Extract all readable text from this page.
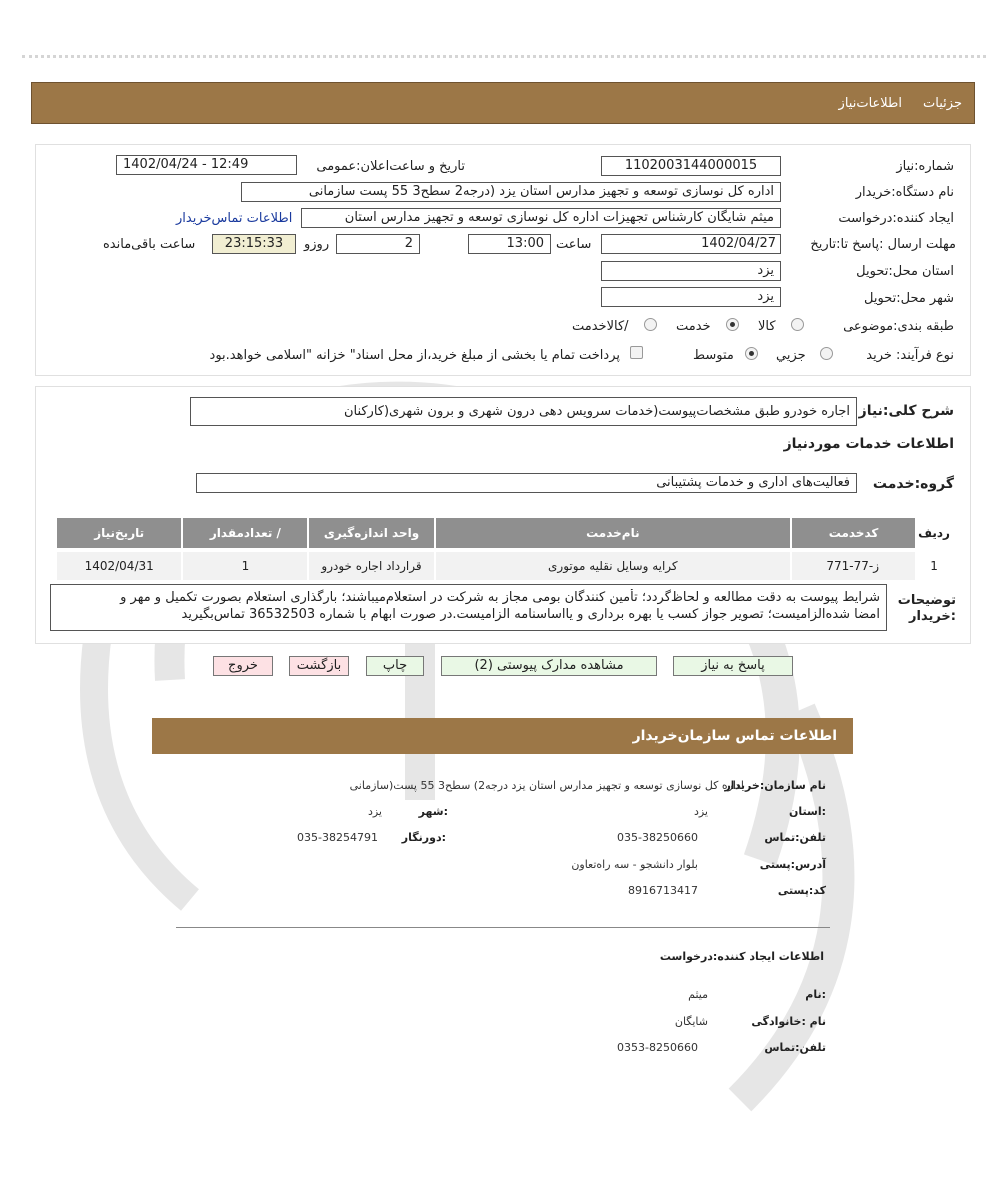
جزئیات
اطلاعات‌نیاز
شماره:نیاز
1102003144000015
تاریخ و ساعت‌اعلان:عمومی
1402/04/24 - 12:49
نام دستگاه:خریدار
اداره کل نوسازی توسعه و تجهیز مدارس استان یزد (درجه2 سطح3 55 پست سازمانی
ایجاد کننده:درخواست
میثم شایگان کارشناس تجهیزات اداره کل نوسازی توسعه و تجهیز مدارس استان
اطلاعات تماس‌خریدار
مهلت ارسال :پاسخ تا:تاریخ
1402/04/27
ساعت
13:00
2
روزو
23:15:33
ساعت باقی‌مانده
استان محل:تحویل
یزد
شهر محل:تحویل
یزد
طبقه بندی:موضوعی
کالا
خدمت
/کالاخدمت
نوع فرآیند: خرید
جزیي
متوسط
پرداخت تمام یا بخشی از مبلغ خرید،از محل اسناد" خزانه "اسلامی خواهد.بود
شرح کلی:نیاز
اجاره خودرو طبق مشخصات‌پیوست(خدمات سرویس دهی درون شهری و برون شهری(کارکنان
اطلاعات خدمات موردنیاز
گروه:خدمت
فعالیت‌های اداری و خدمات پشتیبانی
ردیف	کدخدمت	نام‌خدمت	واحد اندازه‌گیری	/ تعدادمقدار	تاریخ‌نیاز

1	ز-77-771	کرایه وسایل نقلیه موتوری	قرارداد اجاره خودرو	1	1402/04/31
توضیحات :خریدار
شرایط پیوست به دقت مطالعه و لحاظ‌گردد؛ تأمین کنندگان بومی مجاز به شرکت در استعلام‌میباشند؛ بارگذاری استعلام بصورت تکمیل و مهر و
امضا شده‌الزامیست؛ تصویر جواز کسب یا بهره برداری و یااساسنامه الزامیست.در صورت ابهام با شماره 36532503 تماس‌بگیرید
پاسخ به نیاز
مشاهده مدارک پیوستی (2)
چاپ
بازگشت
خروج
اطلاعات تماس سازمان‌خریدار
نام سازمان:خریدار
اداره کل نوسازی توسعه و تجهیز مدارس استان یزد درجه2) سطح3 55 پست(سازمانی
:استان
یزد
:شهر
یزد
تلفن:تماس
035-38250660
:دورنگار
035-38254791
آدرس:پستی
بلوار دانشجو - سه راه‌تعاون
کد:پستی
8916713417
اطلاعات ایجاد کننده:درخواست
:نام
میثم
نام :خانوادگی
شایگان
تلفن:تماس
0353-8250660
